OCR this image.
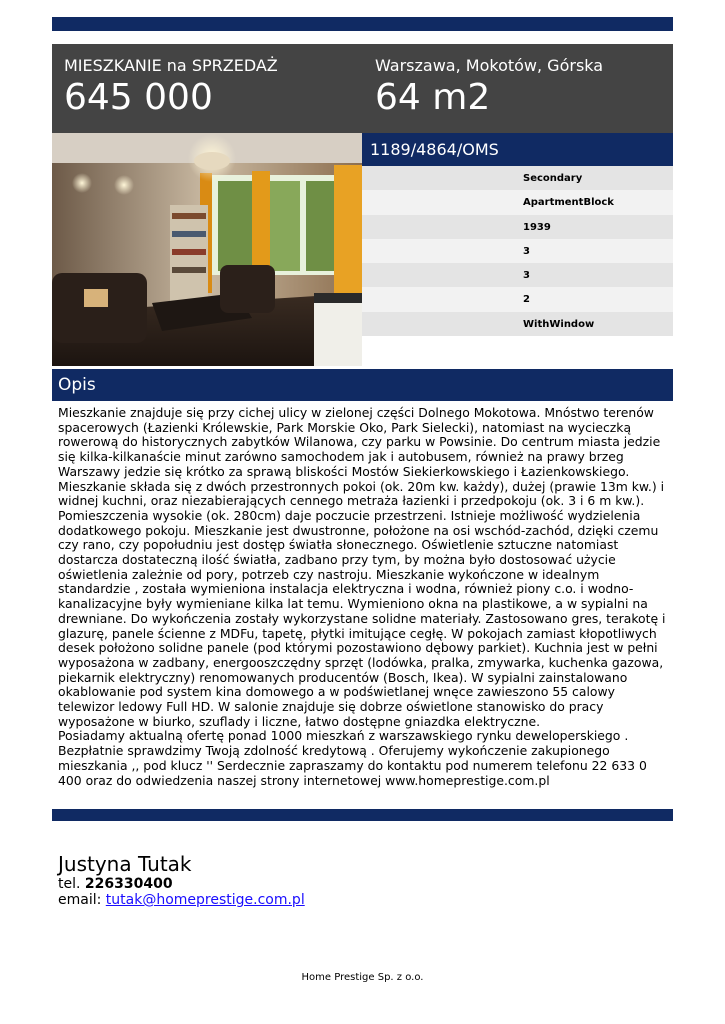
MIESZKANIE na SPRZEDAŻ
645 000
Warszawa, Mokotów, Górska
64 m2
1189/4864/OMS
Secondary
ApartmentBlock
1939
3
3
2
WithWindow
Opis
Mieszkanie znajduje się przy cichej ulicy w zielonej części Dolnego Mokotowa. Mnóstwo terenów spacerowych (Łazienki Królewskie, Park Morskie Oko, Park Sielecki), natomiast na wycieczką rowerową do historycznych zabytków Wilanowa, czy parku w Powsinie. Do centrum miasta jedzie się kilka-kilkanaście minut zarówno samochodem jak i autobusem, również na prawy brzeg Warszawy jedzie się krótko za sprawą bliskości Mostów Siekierkowskiego i Łazienkowskiego.
Mieszkanie składa się z dwóch przestronnych pokoi (ok. 20m kw. każdy), dużej (prawie 13m kw.) i widnej kuchni, oraz niezabierających cennego metraża łazienki i przedpokoju (ok. 3 i 6 m kw.).
Pomieszczenia wysokie (ok. 280cm) daje poczucie przestrzeni. Istnieje możliwość wydzielenia dodatkowego pokoju. Mieszkanie jest dwustronne, położone na osi wschód-zachód, dzięki czemu czy rano, czy popołudniu jest dostęp światła słonecznego. Oświetlenie sztuczne natomiast dostarcza dostateczną ilość światła, zadbano przy tym, by można było dostosować użycie oświetlenia zależnie od pory, potrzeb czy nastroju. Mieszkanie wykończone w idealnym standardzie , została wymieniona instalacja elektryczna i wodna, również piony c.o. i wodno-kanalizacyjne były wymieniane kilka lat temu. Wymieniono okna na plastikowe, a w sypialni na drewniane. Do wykończenia zostały wykorzystane solidne materiały. Zastosowano gres, terakotę i glazurę, panele ścienne z MDFu, tapetę, płytki imitujące cegłę. W pokojach zamiast kłopotliwych desek położono solidne panele (pod którymi pozostawiono dębowy parkiet). Kuchnia jest w pełni wyposażona w zadbany, energooszczędny sprzęt (lodówka, pralka, zmywarka, kuchenka gazowa, piekarnik elektryczny) renomowanych producentów (Bosch, Ikea). W sypialni zainstalowano okablowanie pod system kina domowego a w podświetlanej wnęce zawieszono 55 calowy telewizor ledowy Full HD. W salonie znajduje się dobrze oświetlone stanowisko do pracy wyposażone w biurko, szuflady i liczne, łatwo dostępne gniazdka elektryczne.
Posiadamy aktualną ofertę ponad 1000 mieszkań z warszawskiego rynku deweloperskiego . Bezpłatnie sprawdzimy Twoją zdolność kredytową . Oferujemy wykończenie zakupionego mieszkania ,, pod klucz '' Serdecznie zapraszamy do kontaktu pod numerem telefonu 22 633 0 400 oraz do odwiedzenia naszej strony internetowej www.homeprestige.com.pl
Justyna Tutak
tel. 226330400
email: tutak@homeprestige.com.pl
Home Prestige Sp. z o.o.
